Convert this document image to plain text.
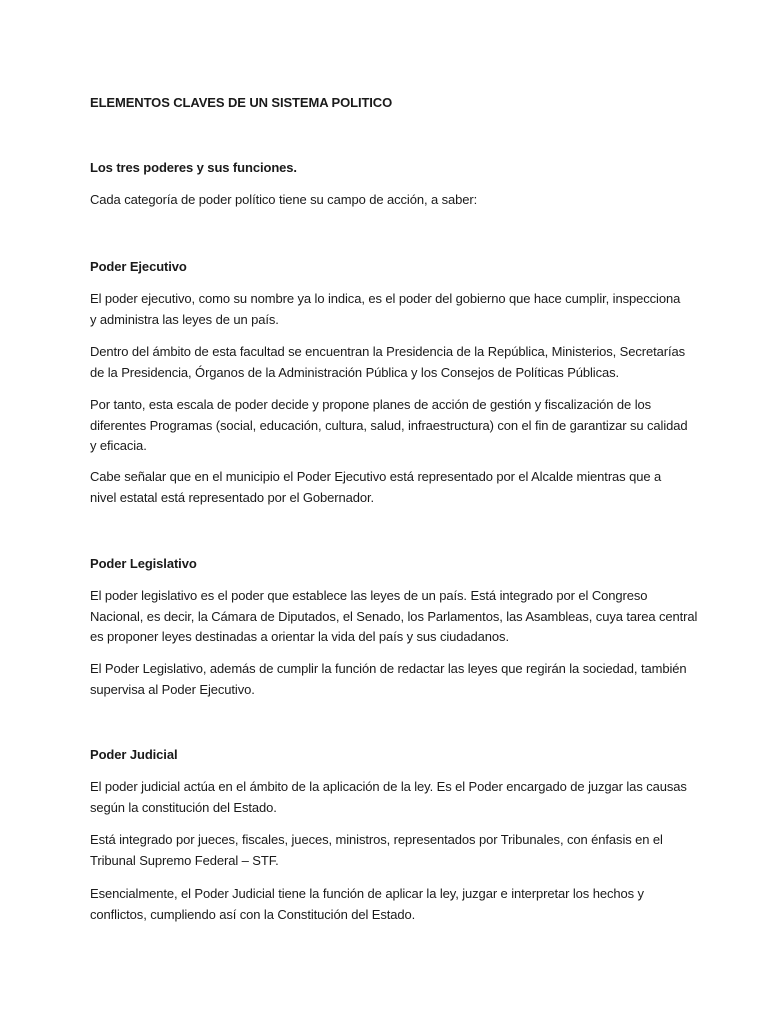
ELEMENTOS CLAVES DE UN SISTEMA POLITICO
Los tres poderes y sus funciones.
Cada categoría de poder político tiene su campo de acción, a saber:
Poder Ejecutivo
El poder ejecutivo, como su nombre ya lo indica, es el poder del gobierno que hace cumplir, inspecciona
y administra las leyes de un país.
Dentro del ámbito de esta facultad se encuentran la Presidencia de la República, Ministerios, Secretarías
de la Presidencia, Órganos de la Administración Pública y los Consejos de Políticas Públicas.
Por tanto, esta escala de poder decide y propone planes de acción de gestión y fiscalización de los
diferentes Programas (social, educación, cultura, salud, infraestructura) con el fin de garantizar su calidad
y eficacia.
Cabe señalar que en el municipio el Poder Ejecutivo está representado por el Alcalde mientras que a
nivel estatal está representado por el Gobernador.
Poder Legislativo
El poder legislativo es el poder que establece las leyes de un país. Está integrado por el Congreso
Nacional, es decir, la Cámara de Diputados, el Senado, los Parlamentos, las Asambleas, cuya tarea central
es proponer leyes destinadas a orientar la vida del país y sus ciudadanos.
El Poder Legislativo, además de cumplir la función de redactar las leyes que regirán la sociedad, también
supervisa al Poder Ejecutivo.
Poder Judicial
El poder judicial actúa en el ámbito de la aplicación de la ley. Es el Poder encargado de juzgar las causas
según la constitución del Estado.
Está integrado por jueces, fiscales, jueces, ministros, representados por Tribunales, con énfasis en el
Tribunal Supremo Federal – STF.
Esencialmente, el Poder Judicial tiene la función de aplicar la ley, juzgar e interpretar los hechos y
conflictos, cumpliendo así con la Constitución del Estado.
